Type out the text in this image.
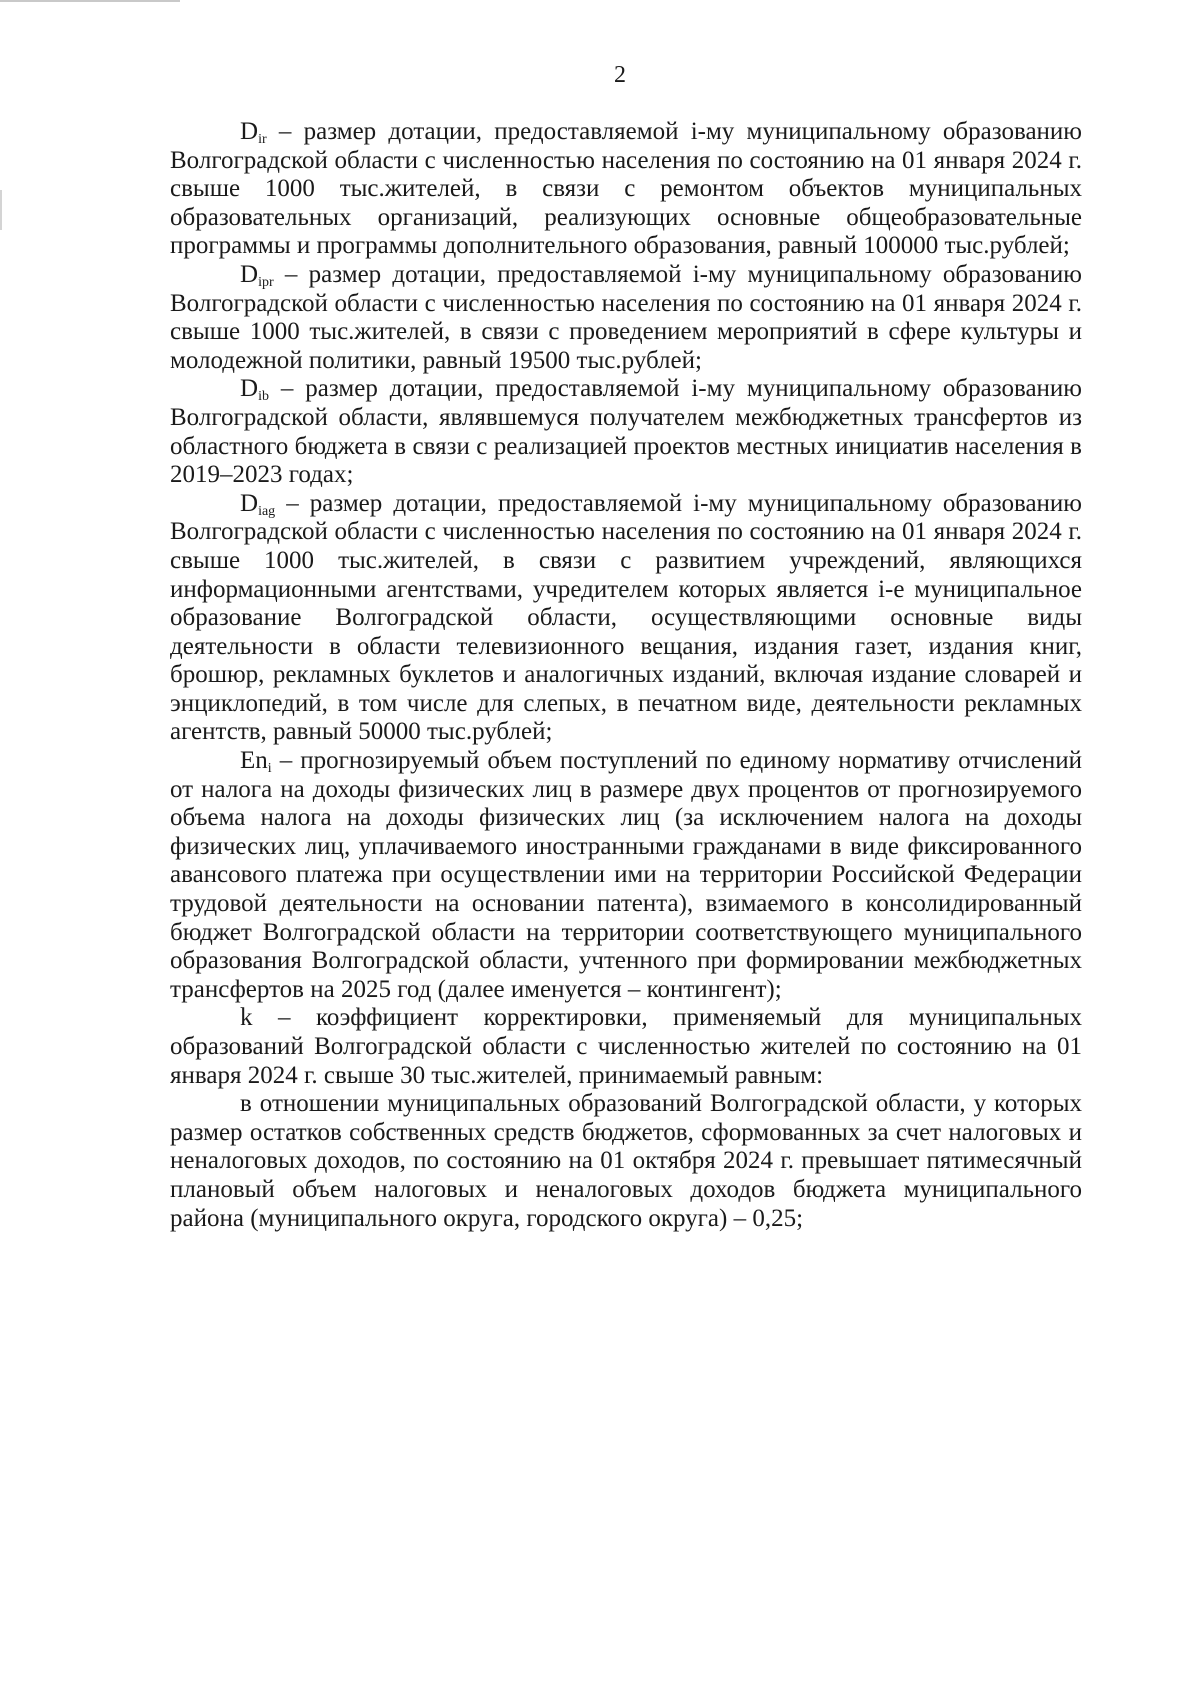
2

$D_{ir}$ – размер дотации, предоставляемой i-му муниципальному образованию Волгоградской области с численностью населения по состоянию на 01 января 2024 г. свыше 1000 тыс.жителей, в связи с ремонтом объектов муниципальных образовательных организаций, реализующих основные общеобразовательные программы и программы дополнительного образования, равный 100000 тыс.рублей;

$D_{ipr}$ – размер дотации, предоставляемой i-му муниципальному образованию Волгоградской области с численностью населения по состоянию на 01 января 2024 г. свыше 1000 тыс.жителей, в связи с проведением мероприятий в сфере культуры и молодежной политики, равный 19500 тыс.рублей;

$D_{ib}$ – размер дотации, предоставляемой i-му муниципальному образованию Волгоградской области, являвшемуся получателем межбюджетных трансфертов из областного бюджета в связи с реализацией проектов местных инициатив населения в 2019–2023 годах;

$D_{iag}$ – размер дотации, предоставляемой i-му муниципальному образованию Волгоградской области с численностью населения по состоянию на 01 января 2024 г. свыше 1000 тыс.жителей, в связи с развитием учреждений, являющихся информационными агентствами, учредителем которых является i-е муниципальное образование Волгоградской области, осуществляющими основные виды деятельности в области телевизионного вещания, издания газет, издания книг, брошюр, рекламных буклетов и аналогичных изданий, включая издание словарей и энциклопедий, в том числе для слепых, в печатном виде, деятельности рекламных агентств, равный 50000 тыс.рублей;

$En_i$ – прогнозируемый объем поступлений по единому нормативу отчислений от налога на доходы физических лиц в размере двух процентов от прогнозируемого объема налога на доходы физических лиц (за исключением налога на доходы физических лиц, уплачиваемого иностранными гражданами в виде фиксированного авансового платежа при осуществлении ими на территории Российской Федерации трудовой деятельности на основании патента), взимаемого в консолидированный бюджет Волгоградской области на территории соответствующего муниципального образования Волгоградской области, учтенного при формировании межбюджетных трансфертов на 2025 год (далее именуется – контингент);

k – коэффициент корректировки, применяемый для муниципальных образований Волгоградской области с численностью жителей по состоянию на 01 января 2024 г. свыше 30 тыс.жителей, принимаемый равным:

в отношении муниципальных образований Волгоградской области, у которых размер остатков собственных средств бюджетов, сформованных за счет налоговых и неналоговых доходов, по состоянию на 01 октября 2024 г. превышает пятимесячный плановый объем налоговых и неналоговых доходов бюджета муниципального района (муниципального округа, городского округа) – 0,25;
